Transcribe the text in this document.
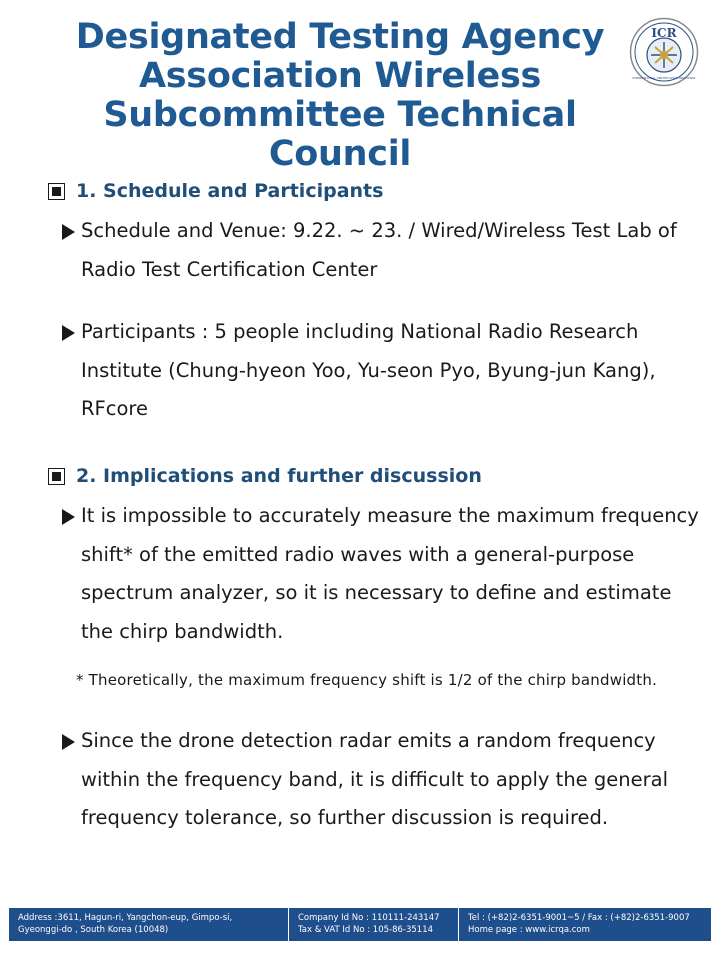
Designated Testing Agency
Association Wireless
Subcommittee Technical Council
ICR
INTERNATIONAL CERTIFICATION REGISTRAR
1. Schedule and Participants
Schedule and Venue: 9.22. ~ 23. / Wired/Wireless Test Lab of
Radio Test Certification Center
Participants : 5 people including National Radio Research
Institute (Chung-hyeon Yoo, Yu-seon Pyo, Byung-jun Kang),
RFcore
2. Implications and further discussion
It is impossible to accurately measure the maximum frequency
shift* of the emitted radio waves with a general-purpose
spectrum analyzer, so it is necessary to define and estimate
the chirp bandwidth.
* Theoretically, the maximum frequency shift is 1/2 of the chirp bandwidth.
Since the drone detection radar emits a random frequency
within the frequency band, it is difficult to apply the general
frequency tolerance, so further discussion is required.
Address :3611, Hagun-ri, Yangchon-eup, Gimpo-si,
Gyeonggi-do , South Korea (10048)
Company Id No : 110111-243147
Tax & VAT Id No : 105-86-35114
Tel : (+82)2-6351-9001~5 / Fax : (+82)2-6351-9007
Home page : www.icrqa.com
